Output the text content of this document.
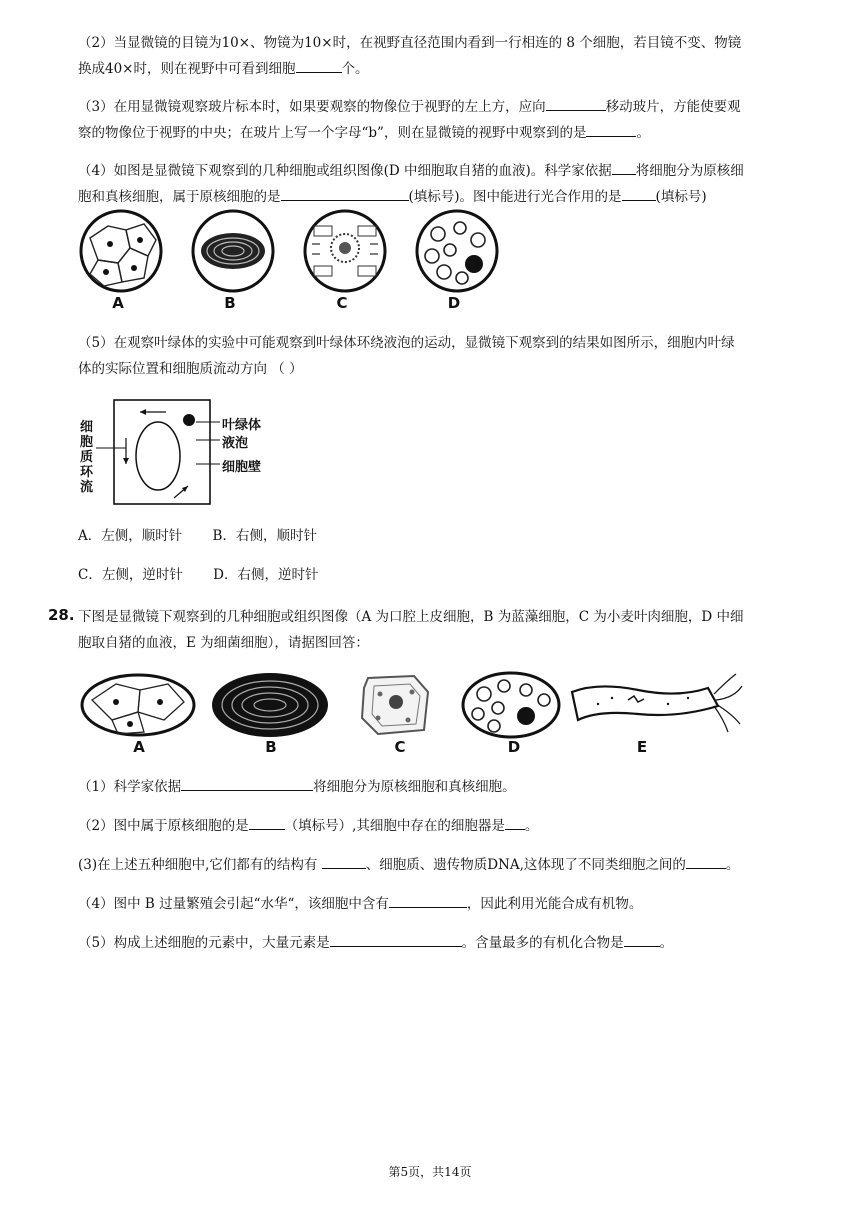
（2）当显微镜的目镜为10×、物镜为10×时，在视野直径范围内看到一行相连的 8 个细胞，若目镜不变、物镜

换成40×时，则在视野中可看到细胞	个。

（3）在用显微镜观察玻片标本时，如果要观察的物像位于视野的左上方，应向	移动玻片，方能使要观

察的物像位于视野的中央；在玻片上写一个字母“b”，则在显微镜的视野中观察到的是	。

（4）如图是显微镜下观察到的几种细胞或组织图像(D 中细胞取自猪的血液)。科学家依据 将细胞分为原核细

胞和真核细胞，属于原核细胞的是	(填标号)。图中能进行光合作用的是	(填标号)

A	B	C	D

（5）在观察叶绿体的实验中可能观察到叶绿体环绕液泡的运动，显微镜下观察到的结果如图所示，细胞内叶绿

体的实际位置和细胞质流动方向 （ ）

细胞质环流
叶绿体
液泡
细胞壁
A．左侧，顺时针 B．右侧，顺时针
C．左侧，逆时针 D．右侧，逆时针
28. 下图是显微镜下观察到的几种细胞或组织图像（A 为口腔上皮细胞，B 为蓝藻细胞，C 为小麦叶肉细胞，D 中细

胞取自猪的血液，E 为细菌细胞），请据图回答：

A	B	C	D	E

（1）科学家依据	将细胞分为原核细胞和真核细胞。

（2）图中属于原核细胞的是	（填标号）,其细胞中存在的细胞器是 。

(3)在上述五种细胞中,它们都有的结构有	、细胞质、遗传物质DNA,这体现了不同类细胞之间的	。

（4）图中 B 过量繁殖会引起“水华“，该细胞中含有	，因此利用光能合成有机物。

（5）构成上述细胞的元素中，大量元素是	。含量最多的有机化合物是	。

第5页，共14页
